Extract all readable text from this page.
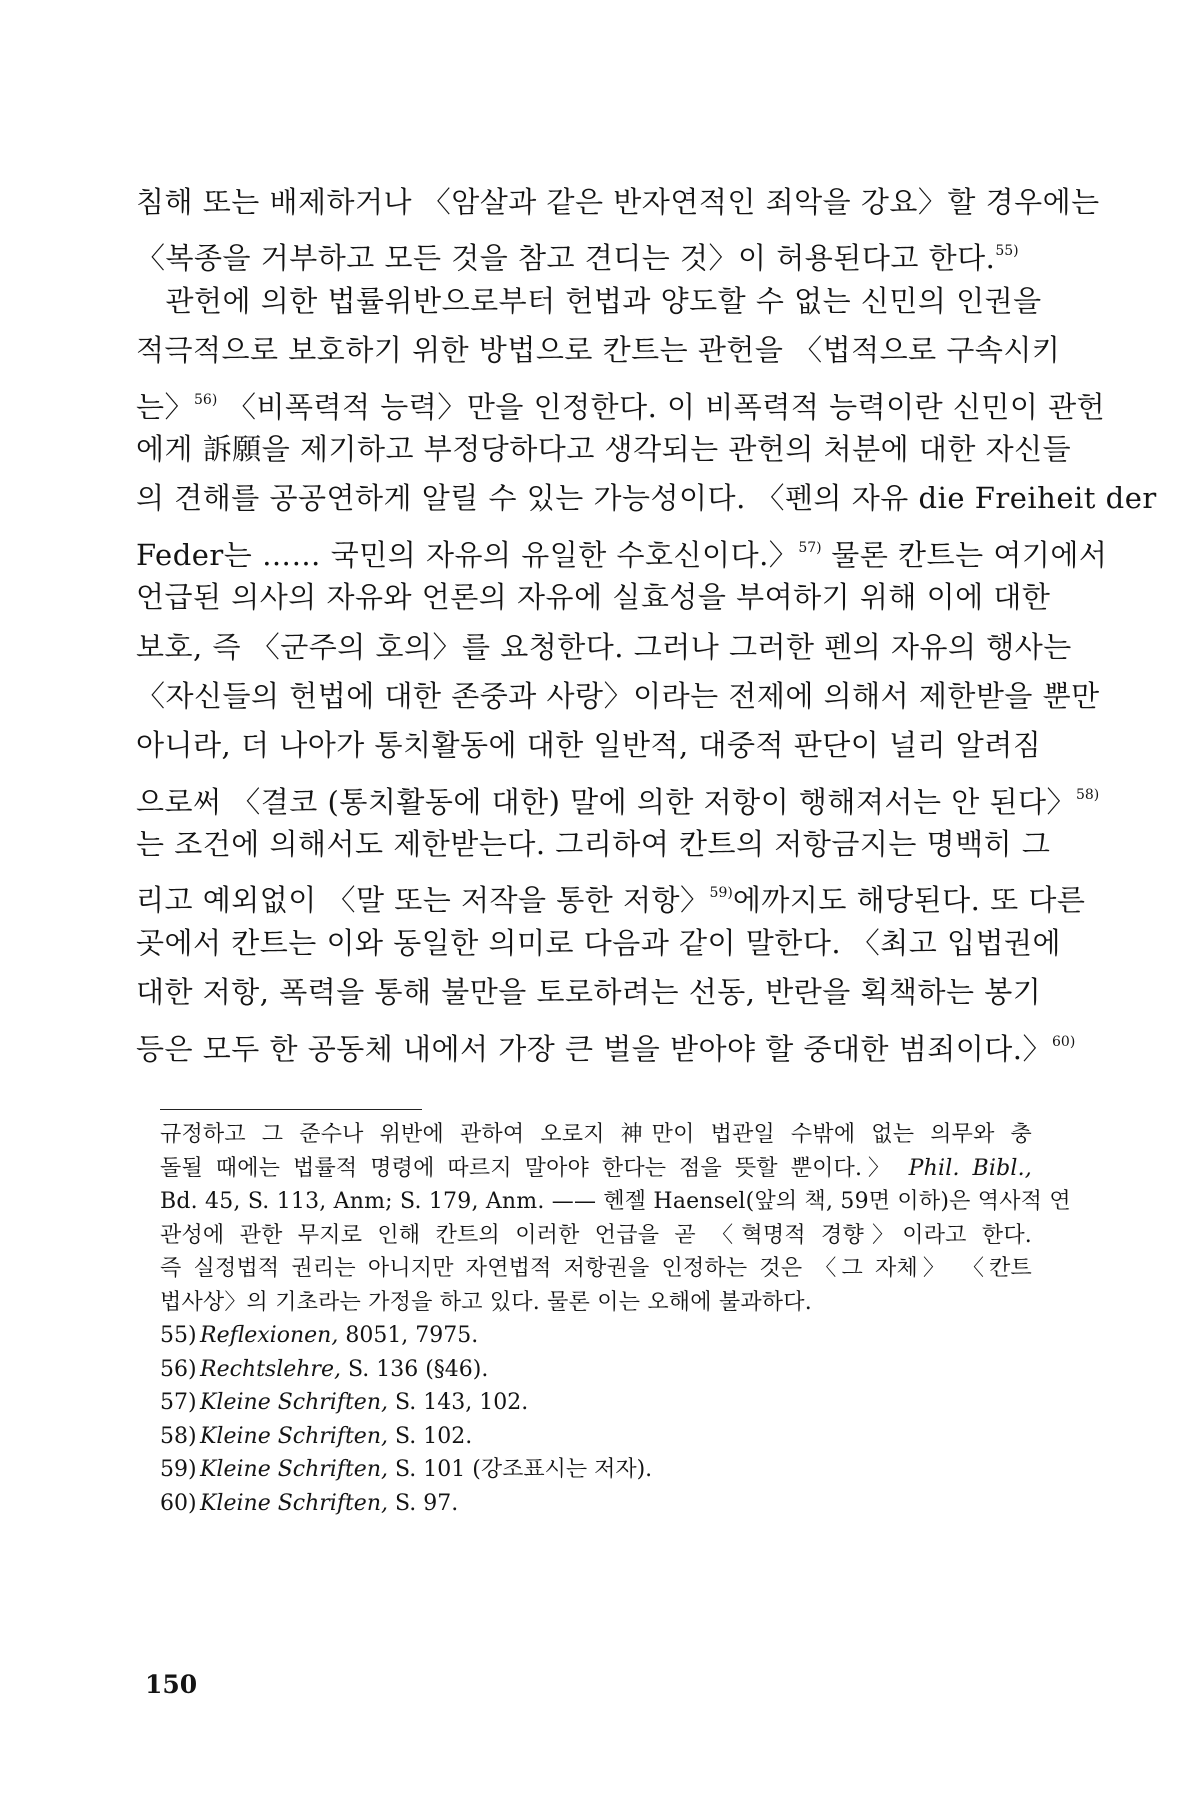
침해 또는 배제하거나 〈암살과 같은 반자연적인 죄악을 강요〉할 경우에는
〈복종을 거부하고 모든 것을 참고 견디는 것〉이 허용된다고 한다.$^{55)}$
　관헌에 의한 법률위반으로부터 헌법과 양도할 수 없는 신민의 인권을
적극적으로 보호하기 위한 방법으로 칸트는 관헌을 〈법적으로 구속시키
는〉$^{56)}$ 〈비폭력적 능력〉만을 인정한다. 이 비폭력적 능력이란 신민이 관헌
에게 訴願을 제기하고 부정당하다고 생각되는 관헌의 처분에 대한 자신들
의 견해를 공공연하게 알릴 수 있는 가능성이다. 〈펜의 자유 die Freiheit der
Feder는 …… 국민의 자유의 유일한 수호신이다.〉$^{57)}$ 물론 칸트는 여기에서
언급된 의사의 자유와 언론의 자유에 실효성을 부여하기 위해 이에 대한
보호, 즉 〈군주의 호의〉를 요청한다. 그러나 그러한 펜의 자유의 행사는
〈자신들의 헌법에 대한 존중과 사랑〉이라는 전제에 의해서 제한받을 뿐만
아니라, 더 나아가 통치활동에 대한 일반적, 대중적 판단이 널리 알려짐
으로써 〈결코 (통치활동에 대한) 말에 의한 저항이 행해져서는 안 된다〉$^{58)}$
는 조건에 의해서도 제한받는다. 그리하여 칸트의 저항금지는 명백히 그
리고 예외없이 〈말 또는 저작을 통한 저항〉$^{59)}$에까지도 해당된다. 또 다른
곳에서 칸트는 이와 동일한 의미로 다음과 같이 말한다. 〈최고 입법권에
대한 저항, 폭력을 통해 불만을 토로하려는 선동, 반란을 획책하는 봉기
등은 모두 한 공동체 내에서 가장 큰 벌을 받아야 할 중대한 범죄이다.〉$^{60)}$
규정하고 그 준수나 위반에 관하여 오로지 神만이 법관일 수밖에 없는 의무와 충
돌될 때에는 법률적 명령에 따르지 말아야 한다는 점을 뜻할 뿐이다.〉 Phil. Bibl.,
Bd. 45, S. 113, Anm; S. 179, Anm. —— 헨젤 Haensel(앞의 책, 59면 이하)은 역사적 연
관성에 관한 무지로 인해 칸트의 이러한 언급을 곧 〈혁명적 경향〉이라고 한다.
즉 실정법적 권리는 아니지만 자연법적 저항권을 인정하는 것은 〈그 자체〉 〈칸트
법사상〉의 기초라는 가정을 하고 있다. 물론 이는 오해에 불과하다.
55) Reflexionen, 8051, 7975.
56) Rechtslehre, S. 136 (§46).
57) Kleine Schriften, S. 143, 102.
58) Kleine Schriften, S. 102.
59) Kleine Schriften, S. 101 (강조표시는 저자).
60) Kleine Schriften, S. 97.
150
